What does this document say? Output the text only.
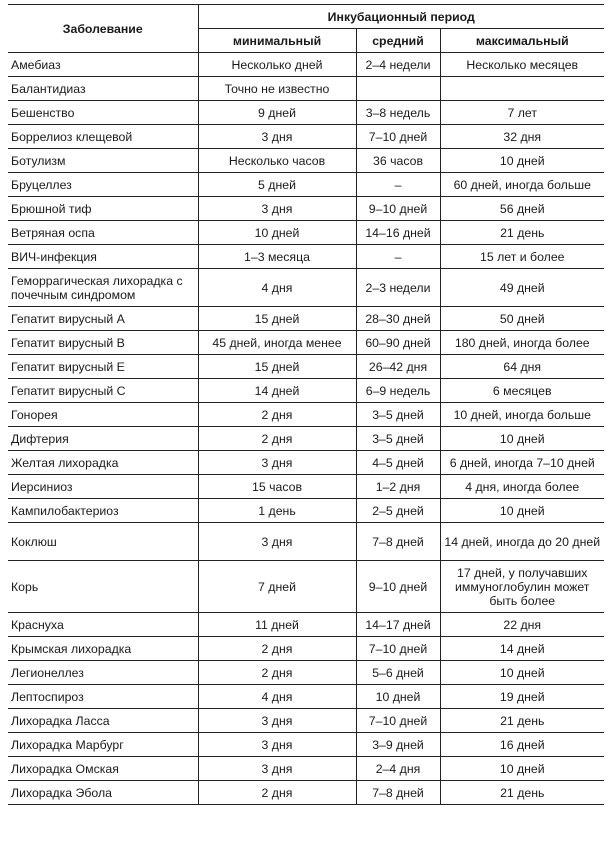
Заболевание	Инкубационный период		
	минимальный	средний	максимальный
Амебиаз	Несколько дней	2–4 недели	Несколько месяцев
Балантидиаз	Точно не известно		
Бешенство	9 дней	3–8 недель	7 лет
Боррелиоз клещевой	3 дня	7–10 дней	32 дня
Ботулизм	Несколько часов	36 часов	10 дней
Бруцеллез	5 дней	–	60 дней, иногда больше
Брюшной тиф	3 дня	9–10 дней	56 дней
Ветряная оспа	10 дней	14–16 дней	21 день
ВИЧ-инфекция	1–3 месяца	–	15 лет и более
Геморрагическая лихорадка с почечным синдромом	4 дня	2–3 недели	49 дней
Гепатит вирусный А	15 дней	28–30 дней	50 дней
Гепатит вирусный В	45 дней, иногда менее	60–90 дней	180 дней, иногда более
Гепатит вирусный Е	15 дней	26–42 дня	64 дня
Гепатит вирусный С	14 дней	6–9 недель	6 месяцев
Гонорея	2 дня	3–5 дней	10 дней, иногда больше
Дифтерия	2 дня	3–5 дней	10 дней
Желтая лихорадка	3 дня	4–5 дней	6 дней, иногда 7–10 дней
Иерсиниоз	15 часов	1–2 дня	4 дня, иногда более
Кампилобактериоз	1 день	2–5 дней	10 дней
Коклюш	3 дня	7–8 дней	14 дней, иногда до 20 дней
Корь	7 дней	9–10 дней	17 дней, у получавших иммуноглобулин может быть более
Краснуха	11 дней	14–17 дней	22 дня
Крымская лихорадка	2 дня	7–10 дней	14 дней
Легионеллез	2 дня	5–6 дней	10 дней
Лептоспироз	4 дня	10 дней	19 дней
Лихорадка Ласса	3 дня	7–10 дней	21 день
Лихорадка Марбург	3 дня	3–9 дней	16 дней
Лихорадка Омская	3 дня	2–4 дня	10 дней
Лихорадка Эбола	2 дня	7–8 дней	21 день
